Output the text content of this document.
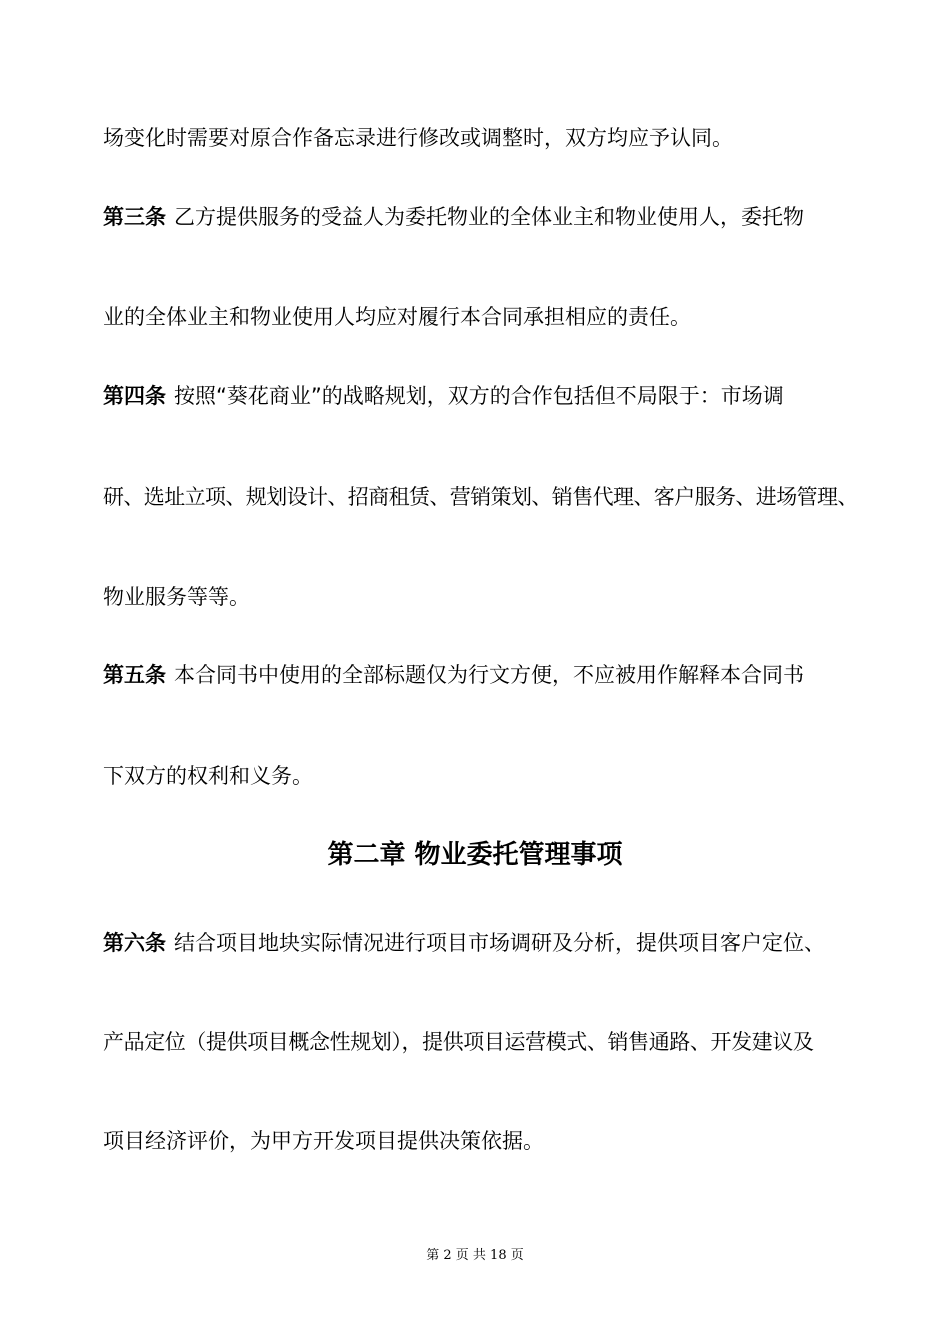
场变化时需要对原合作备忘录进行修改或调整时，双方均应予认同。
第三条 乙方提供服务的受益人为委托物业的全体业主和物业使用人，委托物
业的全体业主和物业使用人均应对履行本合同承担相应的责任。
第四条 按照“葵花商业”的战略规划，双方的合作包括但不局限于：市场调
研、选址立项、规划设计、招商租赁、营销策划、销售代理、客户服务、进场管理、
物业服务等等。
第五条 本合同书中使用的全部标题仅为行文方便，不应被用作解释本合同书
下双方的权利和义务。
第二章 物业委托管理事项
第六条 结合项目地块实际情况进行项目市场调研及分析，提供项目客户定位、
产品定位（提供项目概念性规划），提供项目运营模式、销售通路、开发建议及
项目经济评价，为甲方开发项目提供决策依据。
第 2 页 共 18 页
